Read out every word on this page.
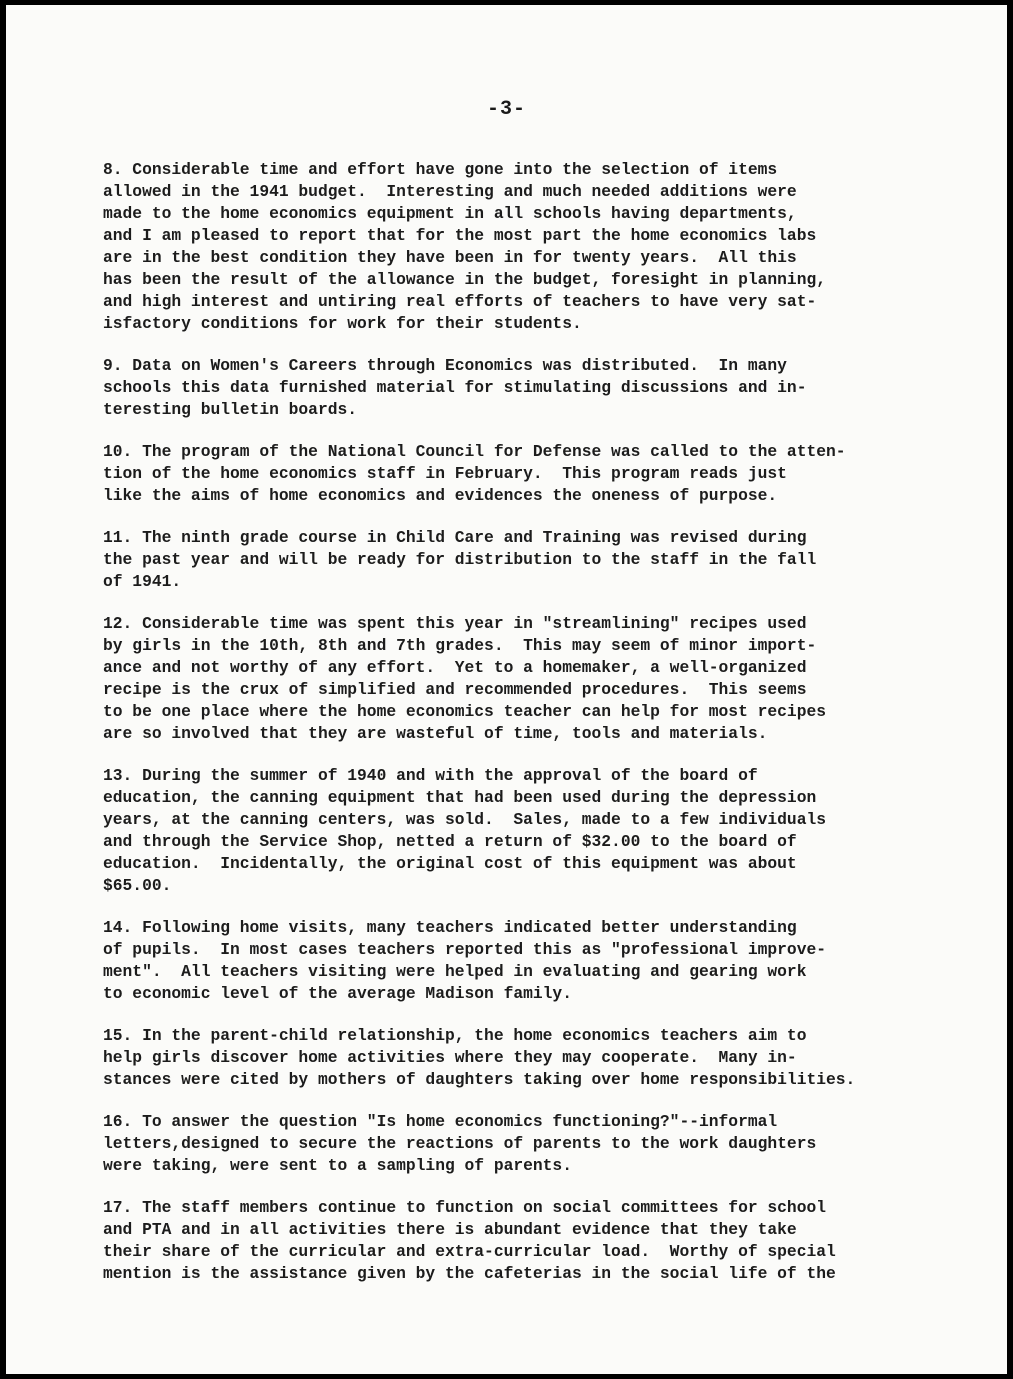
-3-
8. Considerable time and effort have gone into the selection of items
allowed in the 1941 budget.  Interesting and much needed additions were
made to the home economics equipment in all schools having departments,
and I am pleased to report that for the most part the home economics labs
are in the best condition they have been in for twenty years.  All this
has been the result of the allowance in the budget, foresight in planning,
and high interest and untiring real efforts of teachers to have very sat-
isfactory conditions for work for their students.
9. Data on Women's Careers through Economics was distributed.  In many
schools this data furnished material for stimulating discussions and in-
teresting bulletin boards.
10. The program of the National Council for Defense was called to the atten-
tion of the home economics staff in February.  This program reads just
like the aims of home economics and evidences the oneness of purpose.
11. The ninth grade course in Child Care and Training was revised during
the past year and will be ready for distribution to the staff in the fall
of 1941.
12. Considerable time was spent this year in "streamlining" recipes used
by girls in the 10th, 8th and 7th grades.  This may seem of minor import-
ance and not worthy of any effort.  Yet to a homemaker, a well-organized
recipe is the crux of simplified and recommended procedures.  This seems
to be one place where the home economics teacher can help for most recipes
are so involved that they are wasteful of time, tools and materials.
13. During the summer of 1940 and with the approval of the board of
education, the canning equipment that had been used during the depression
years, at the canning centers, was sold.  Sales, made to a few individuals
and through the Service Shop, netted a return of $32.00 to the board of
education.  Incidentally, the original cost of this equipment was about
$65.00.
14. Following home visits, many teachers indicated better understanding
of pupils.  In most cases teachers reported this as "professional improve-
ment".  All teachers visiting were helped in evaluating and gearing work
to economic level of the average Madison family.
15. In the parent-child relationship, the home economics teachers aim to
help girls discover home activities where they may cooperate.  Many in-
stances were cited by mothers of daughters taking over home responsibilities.
16. To answer the question "Is home economics functioning?"--informal
letters,designed to secure the reactions of parents to the work daughters
were taking, were sent to a sampling of parents.
17. The staff members continue to function on social committees for school
and PTA and in all activities there is abundant evidence that they take
their share of the curricular and extra-curricular load.  Worthy of special
mention is the assistance given by the cafeterias in the social life of the
